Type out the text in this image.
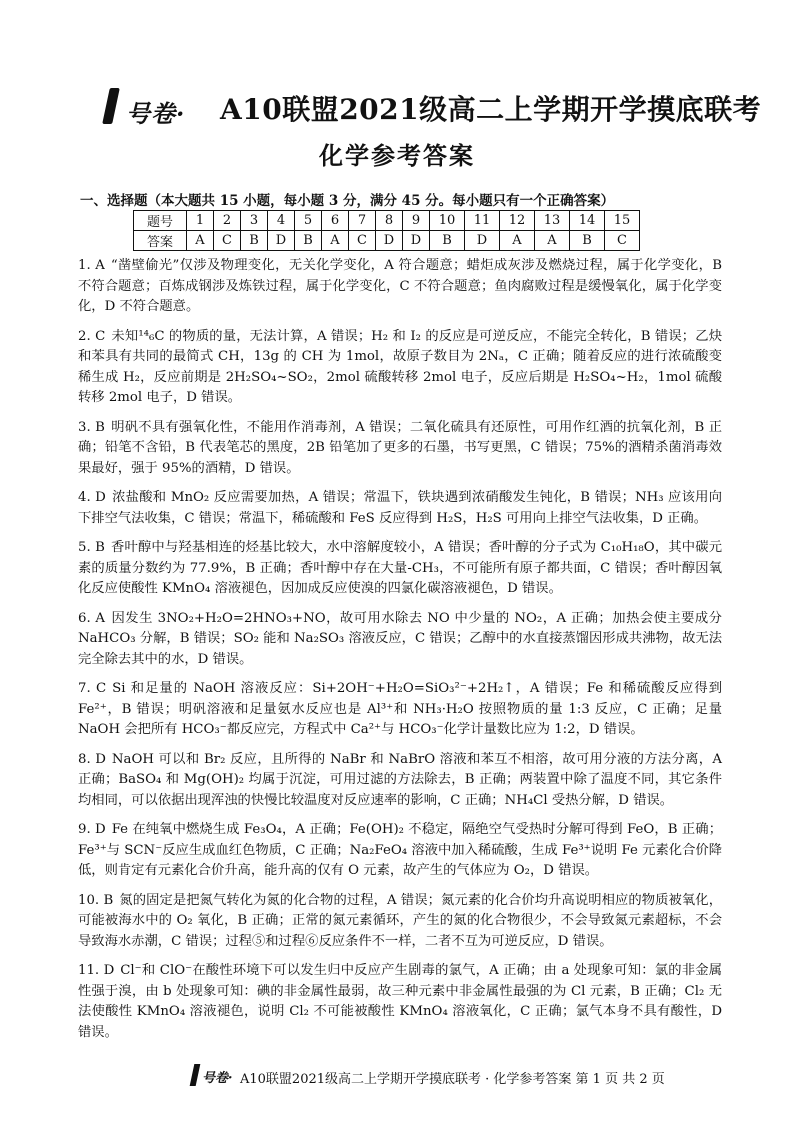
号卷· A10联盟2021级高二上学期开学摸底联考
化学参考答案
一、选择题（本大题共 15 小题，每小题 3 分，满分 45 分。每小题只有一个正确答案）
题号	1	2	3	4	5	6	7	8	9	10	11	12	13	14	15
答案	A	C	B	D	B	A	C	D	D	B	D	A	A	B	C
1. A “凿壁偷光”仅涉及物理变化，无关化学变化，A 符合题意；蜡炬成灰涉及燃烧过程，属于化学变化，B 不符合题意；百炼成钢涉及炼铁过程，属于化学变化，C 不符合题意；鱼肉腐败过程是缓慢氧化，属于化学变化，D 不符合题意。
2. C 未知¹⁴₆C 的物质的量，无法计算，A 错误；H₂ 和 I₂ 的反应是可逆反应，不能完全转化，B 错误；乙炔和苯具有共同的最简式 CH，13g 的 CH 为 1mol，故原子数目为 2Nₐ，C 正确；随着反应的进行浓硫酸变稀生成 H₂，反应前期是 2H₂SO₄~SO₂，2mol 硫酸转移 2mol 电子，反应后期是 H₂SO₄~H₂，1mol 硫酸转移 2mol 电子，D 错误。
3. B 明矾不具有强氧化性，不能用作消毒剂，A 错误；二氧化硫具有还原性，可用作红酒的抗氧化剂，B 正确；铅笔不含铅，B 代表笔芯的黑度，2B 铅笔加了更多的石墨，书写更黑，C 错误；75%的酒精杀菌消毒效果最好，强于 95%的酒精，D 错误。
4. D 浓盐酸和 MnO₂ 反应需要加热，A 错误；常温下，铁块遇到浓硝酸发生钝化，B 错误；NH₃ 应该用向下排空气法收集，C 错误；常温下，稀硫酸和 FeS 反应得到 H₂S，H₂S 可用向上排空气法收集，D 正确。
5. B 香叶醇中与羟基相连的烃基比较大，水中溶解度较小，A 错误；香叶醇的分子式为 C₁₀H₁₈O，其中碳元素的质量分数约为 77.9%，B 正确；香叶醇中存在大量-CH₃，不可能所有原子都共面，C 错误；香叶醇因氧化反应使酸性 KMnO₄ 溶液褪色，因加成反应使溴的四氯化碳溶液褪色，D 错误。
6. A 因发生 3NO₂+H₂O=2HNO₃+NO，故可用水除去 NO 中少量的 NO₂，A 正确；加热会使主要成分 NaHCO₃ 分解，B 错误；SO₂ 能和 Na₂SO₃ 溶液反应，C 错误；乙醇中的水直接蒸馏因形成共沸物，故无法完全除去其中的水，D 错误。
7. C Si 和足量的 NaOH 溶液反应：Si+2OH⁻+H₂O=SiO₃²⁻+2H₂↑，A 错误；Fe 和稀硫酸反应得到 Fe²⁺，B 错误；明矾溶液和足量氨水反应也是 Al³⁺和 NH₃·H₂O 按照物质的量 1:3 反应，C 正确；足量 NaOH 会把所有 HCO₃⁻都反应完，方程式中 Ca²⁺与 HCO₃⁻化学计量数比应为 1:2，D 错误。
8. D NaOH 可以和 Br₂ 反应，且所得的 NaBr 和 NaBrO 溶液和苯互不相溶，故可用分液的方法分离，A 正确；BaSO₄ 和 Mg(OH)₂ 均属于沉淀，可用过滤的方法除去，B 正确；两装置中除了温度不同，其它条件均相同，可以依据出现浑浊的快慢比较温度对反应速率的影响，C 正确；NH₄Cl 受热分解，D 错误。
9. D Fe 在纯氧中燃烧生成 Fe₃O₄，A 正确；Fe(OH)₂ 不稳定，隔绝空气受热时分解可得到 FeO，B 正确；Fe³⁺与 SCN⁻反应生成血红色物质，C 正确；Na₂FeO₄ 溶液中加入稀硫酸，生成 Fe³⁺说明 Fe 元素化合价降低，则肯定有元素化合价升高，能升高的仅有 O 元素，故产生的气体应为 O₂，D 错误。
10. B 氮的固定是把氮气转化为氮的化合物的过程，A 错误；氮元素的化合价均升高说明相应的物质被氧化，可能被海水中的 O₂ 氧化，B 正确；正常的氮元素循环，产生的氮的化合物很少，不会导致氮元素超标，不会导致海水赤潮，C 错误；过程⑤和过程⑥反应条件不一样，二者不互为可逆反应，D 错误。
11. D Cl⁻和 ClO⁻在酸性环境下可以发生归中反应产生剧毒的氯气，A 正确；由 a 处现象可知：氯的非金属性强于溴，由 b 处现象可知：碘的非金属性最弱，故三种元素中非金属性最强的为 Cl 元素，B 正确；Cl₂ 无法使酸性 KMnO₄ 溶液褪色，说明 Cl₂ 不可能被酸性 KMnO₄ 溶液氧化，C 正确；氯气本身不具有酸性，D 错误。
号卷· A10联盟2021级高二上学期开学摸底联考 · 化学参考答案 第 1 页 共 2 页
